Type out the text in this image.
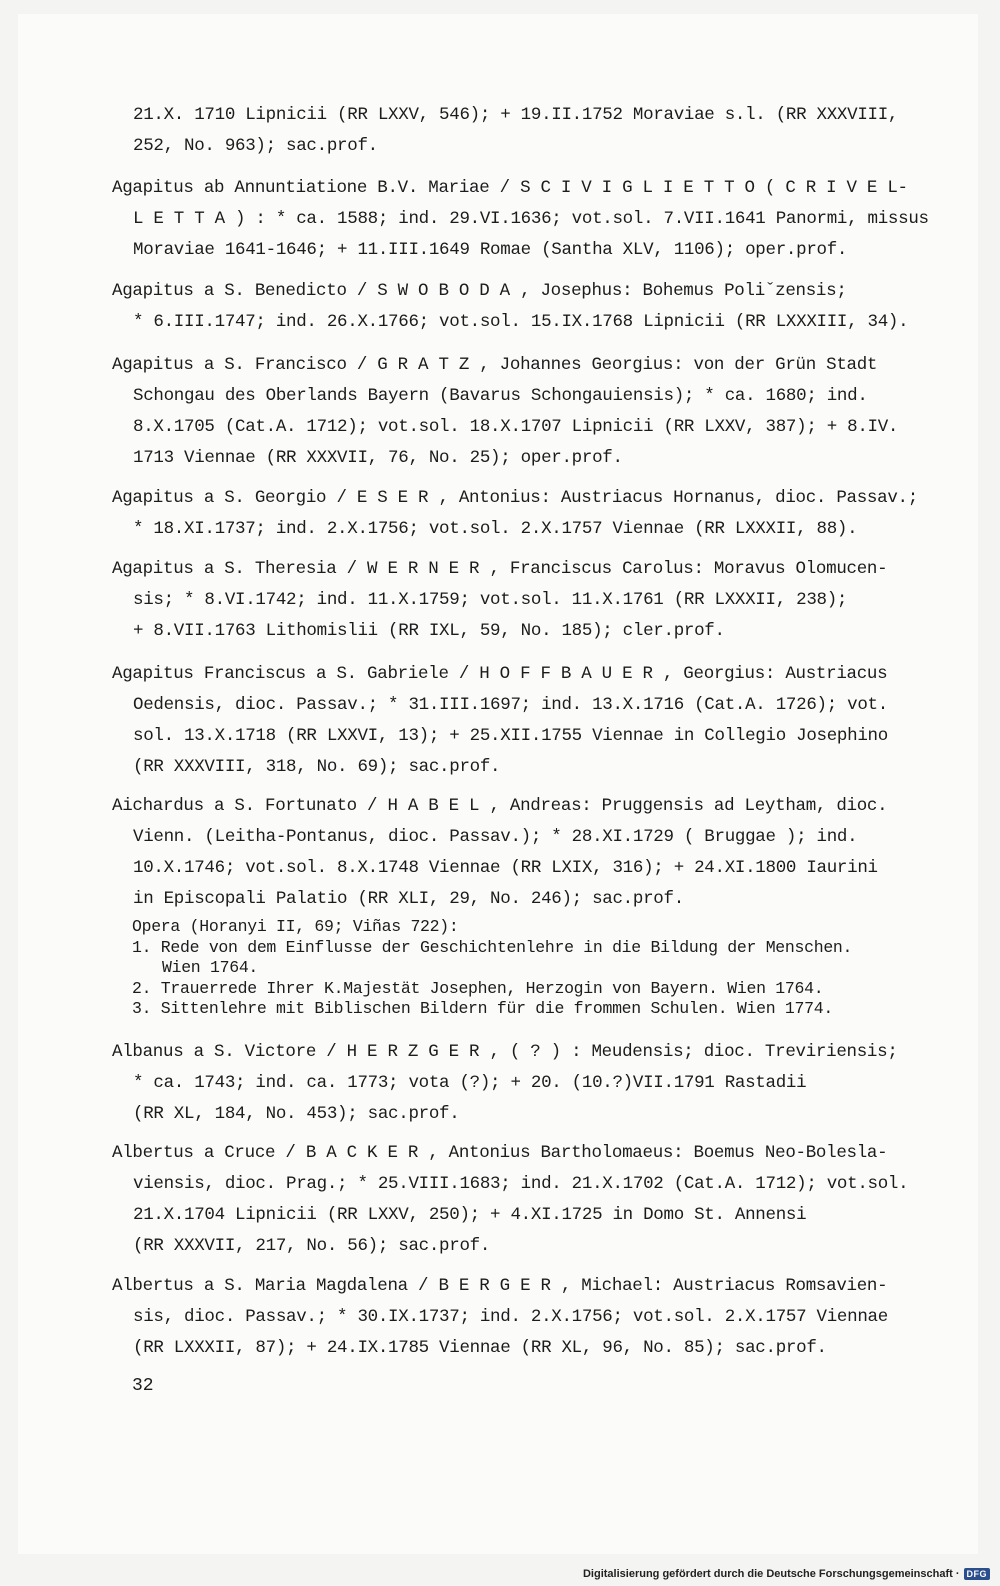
21.X. 1710 Lipnicii (RR LXXV, 546); + 19.II.1752 Moraviae s.l. (RR XXXVIII,
252, No. 963); sac.prof.
Agapitus ab Annuntiatione B.V. Mariae / S C I V I G L I E T T O ( C R I V E L-
L E T T A ) : * ca. 1588; ind. 29.VI.1636; vot.sol. 7.VII.1641 Panormi, missus
Moraviae 1641-1646; + 11.III.1649 Romae (Santha XLV, 1106); oper.prof.
Agapitus a S. Benedicto / S W O B O D A , Josephus: Bohemus Poliˇzensis;
* 6.III.1747; ind. 26.X.1766; vot.sol. 15.IX.1768 Lipnicii (RR LXXXIII, 34).
Agapitus a S. Francisco / G R A T Z , Johannes Georgius: von der Grün Stadt
Schongau des Oberlands Bayern (Bavarus Schongauiensis); * ca. 1680; ind.
8.X.1705 (Cat.A. 1712); vot.sol. 18.X.1707 Lipnicii (RR LXXV, 387); + 8.IV.
1713 Viennae (RR XXXVII, 76, No. 25); oper.prof.
Agapitus a S. Georgio / E S E R , Antonius: Austriacus Hornanus, dioc. Passav.;
* 18.XI.1737; ind. 2.X.1756; vot.sol. 2.X.1757 Viennae (RR LXXXII, 88).
Agapitus a S. Theresia / W E R N E R , Franciscus Carolus: Moravus Olomucen-
sis; * 8.VI.1742; ind. 11.X.1759; vot.sol. 11.X.1761 (RR LXXXII, 238);
+ 8.VII.1763 Lithomislii (RR IXL, 59, No. 185); cler.prof.
Agapitus Franciscus a S. Gabriele / H O F F B A U E R , Georgius: Austriacus
Oedensis, dioc. Passav.; * 31.III.1697; ind. 13.X.1716 (Cat.A. 1726); vot.
sol. 13.X.1718 (RR LXXVI, 13); + 25.XII.1755 Viennae in Collegio Josephino
(RR XXXVIII, 318, No. 69); sac.prof.
Aichardus a S. Fortunato / H A B E L , Andreas: Pruggensis ad Leytham, dioc.
Vienn. (Leitha-Pontanus, dioc. Passav.); * 28.XI.1729 ( Bruggae ); ind.
10.X.1746; vot.sol. 8.X.1748 Viennae (RR LXIX, 316); + 24.XI.1800 Iaurini
in Episcopali Palatio (RR XLI, 29, No. 246); sac.prof.
Opera (Horanyi II, 69; Viñas 722):
1. Rede von dem Einflusse der Geschichtenlehre in die Bildung der Menschen.
Wien 1764.
2. Trauerrede Ihrer K.Majestät Josephen, Herzogin von Bayern. Wien 1764.
3. Sittenlehre mit Biblischen Bildern für die frommen Schulen. Wien 1774.
Albanus a S. Victore / H E R Z G E R , ( ? ) : Meudensis; dioc. Treviriensis;
* ca. 1743; ind. ca. 1773; vota (?); + 20. (10.?)VII.1791 Rastadii
(RR XL, 184, No. 453); sac.prof.
Albertus a Cruce / B A C K E R , Antonius Bartholomaeus: Boemus Neo-Bolesla-
viensis, dioc. Prag.; * 25.VIII.1683; ind. 21.X.1702 (Cat.A. 1712); vot.sol.
21.X.1704 Lipnicii (RR LXXV, 250); + 4.XI.1725 in Domo St. Annensi
(RR XXXVII, 217, No. 56); sac.prof.
Albertus a S. Maria Magdalena / B E R G E R , Michael: Austriacus Romsavien-
sis, dioc. Passav.; * 30.IX.1737; ind. 2.X.1756; vot.sol. 2.X.1757 Viennae
(RR LXXXII, 87); + 24.IX.1785 Viennae (RR XL, 96, No. 85); sac.prof.
32
Digitalisierung gefördert durch die Deutsche Forschungsgemeinschaft · DFG
